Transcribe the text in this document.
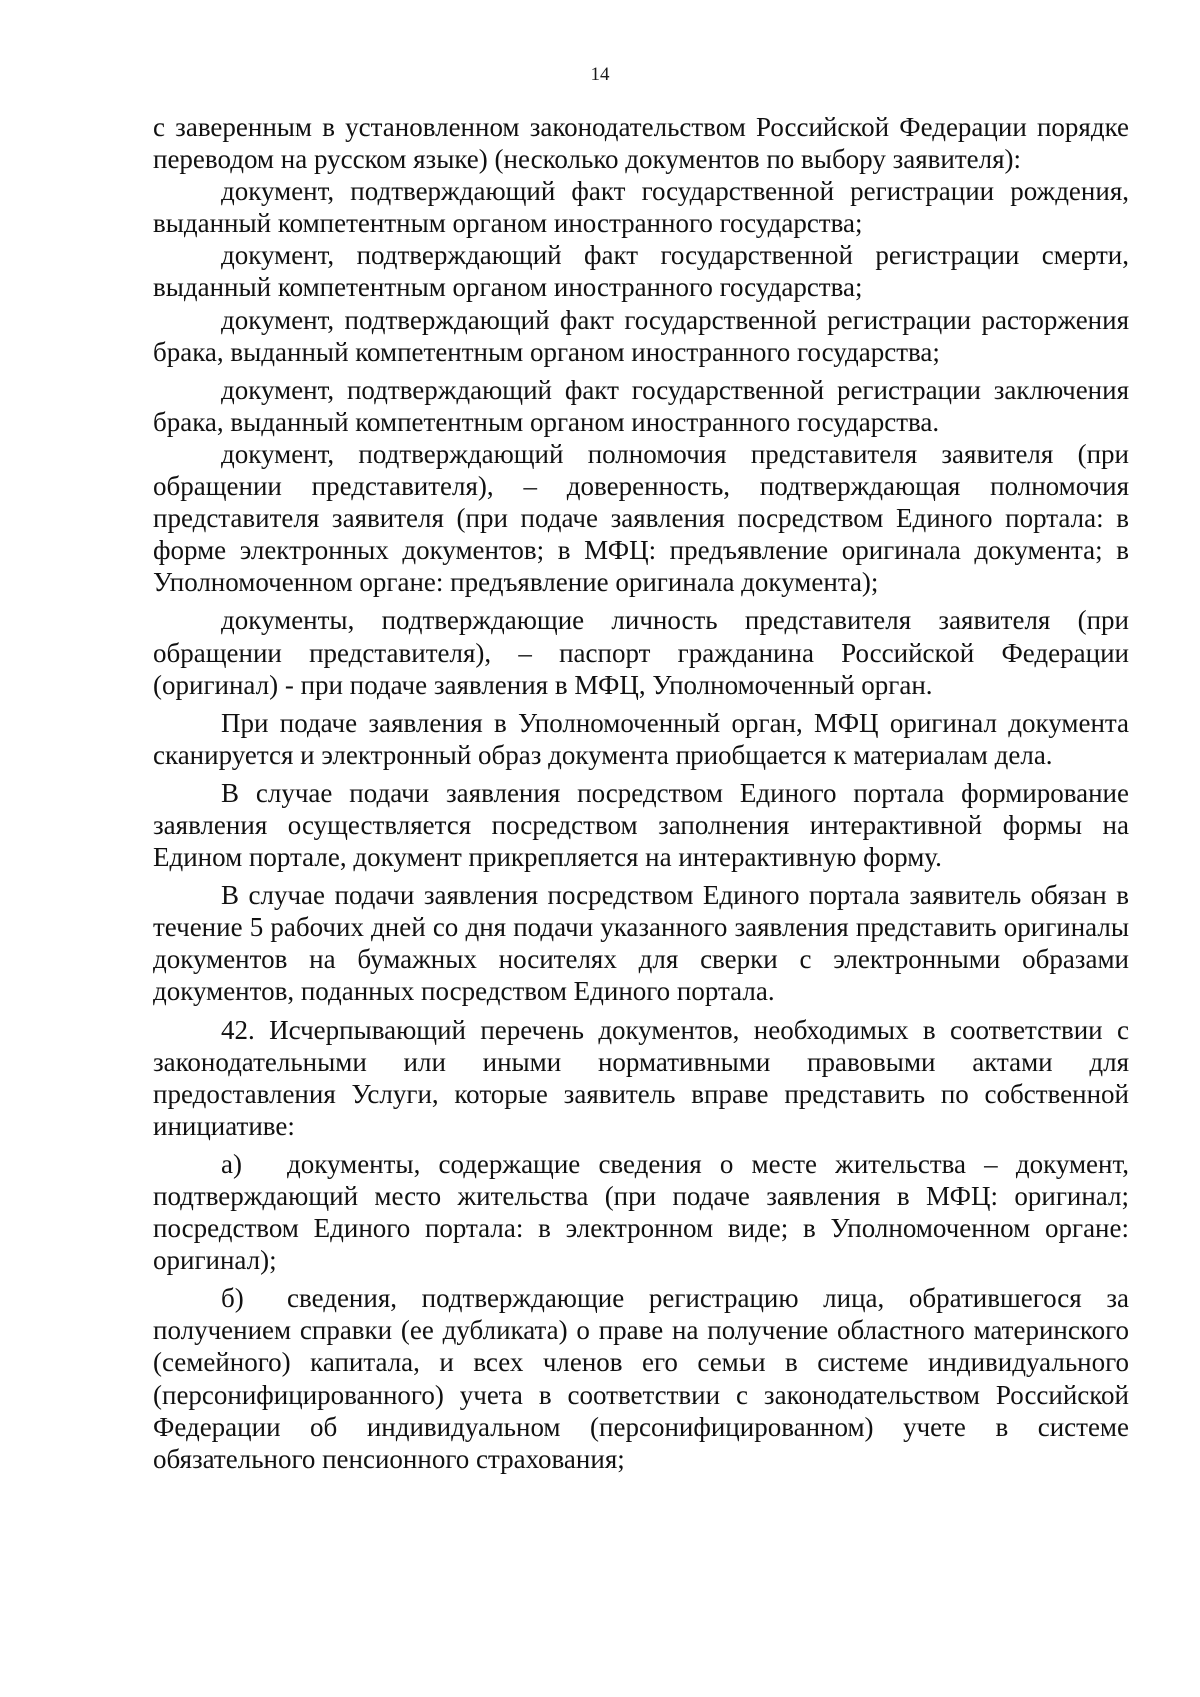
14

с заверенным в установленном законодательством Российской Федерации порядке переводом на русском языке) (несколько документов по выбору заявителя):

документ, подтверждающий факт государственной регистрации рождения, выданный компетентным органом иностранного государства;

документ, подтверждающий факт государственной регистрации смерти, выданный компетентным органом иностранного государства;

документ, подтверждающий факт государственной регистрации расторжения брака, выданный компетентным органом иностранного государства;

документ, подтверждающий факт государственной регистрации заключения брака, выданный компетентным органом иностранного государства.

документ, подтверждающий полномочия представителя заявителя (при обращении представителя), – доверенность, подтверждающая полномочия представителя заявителя (при подаче заявления посредством Единого портала: в форме электронных документов; в МФЦ: предъявление оригинала документа; в Уполномоченном органе: предъявление оригинала документа);

документы, подтверждающие личность представителя заявителя (при обращении представителя), – паспорт гражданина Российской Федерации (оригинал) - при подаче заявления в МФЦ, Уполномоченный орган.

При подаче заявления в Уполномоченный орган, МФЦ оригинал документа сканируется и электронный образ документа приобщается к материалам дела.

В случае подачи заявления посредством Единого портала формирование заявления осуществляется посредством заполнения интерактивной формы на Едином портале, документ прикрепляется на интерактивную форму.

В случае подачи заявления посредством Единого портала заявитель обязан в течение 5 рабочих дней со дня подачи указанного заявления представить оригиналы документов на бумажных носителях для сверки с электронными образами документов, поданных посредством Единого портала.

42. Исчерпывающий перечень документов, необходимых в соответствии с законодательными или иными нормативными правовыми актами для предоставления Услуги, которые заявитель вправе представить по собственной инициативе:

а) документы, содержащие сведения о месте жительства – документ, подтверждающий место жительства (при подаче заявления в МФЦ: оригинал; посредством Единого портала: в электронном виде; в Уполномоченном органе: оригинал);

б) сведения, подтверждающие регистрацию лица, обратившегося за получением справки (ее дубликата) о праве на получение областного материнского (семейного) капитала, и всех членов его семьи в системе индивидуального (персонифицированного) учета в соответствии с законодательством Российской Федерации об индивидуальном (персонифицированном) учете в системе обязательного пенсионного страхования;
